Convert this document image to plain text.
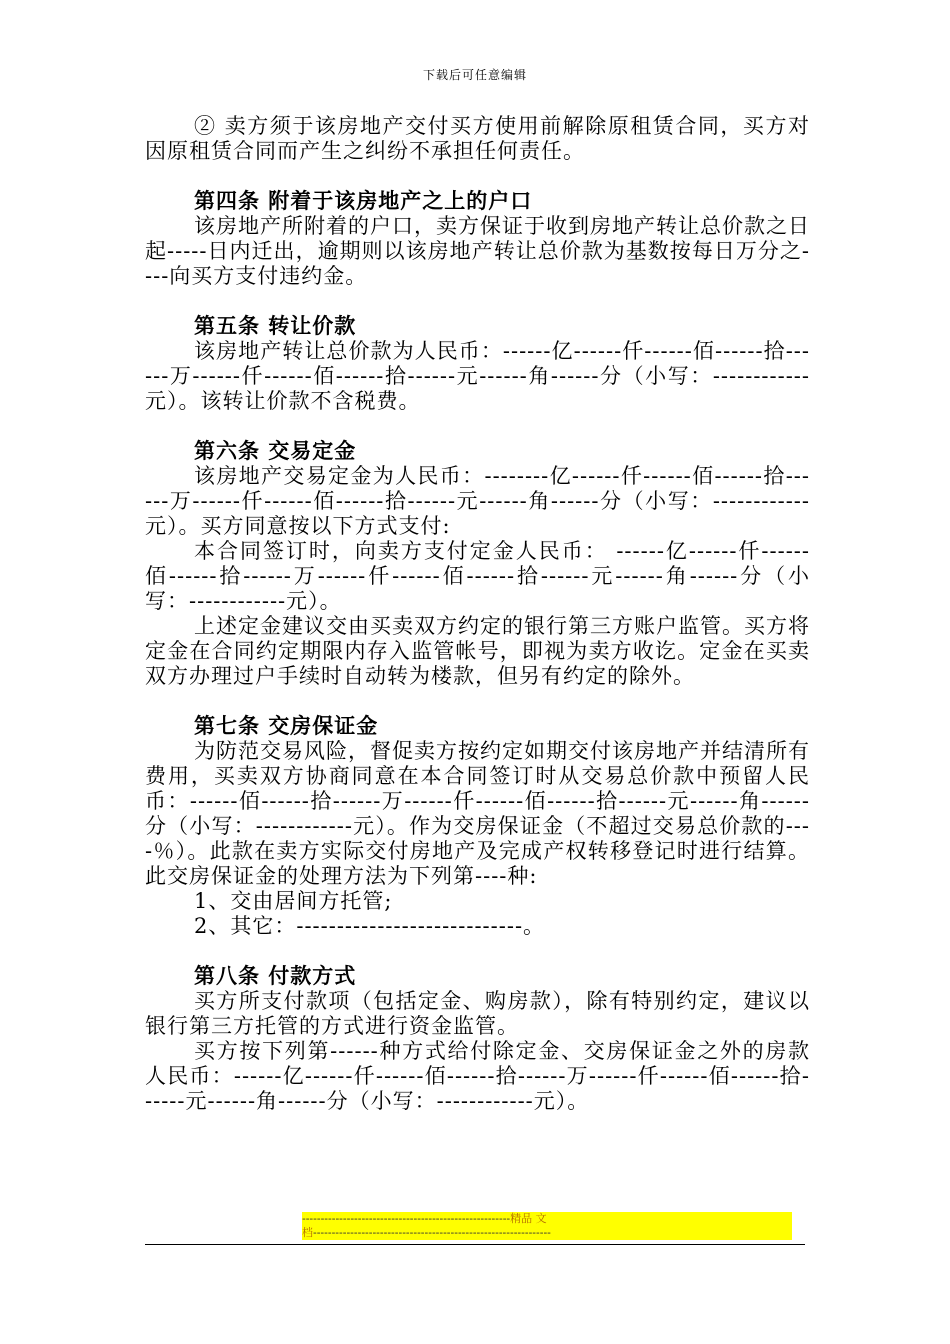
下载后可任意编辑

② 卖方须于该房地产交付买方使用前解除原租赁合同，买方对因原租赁合同而产生之纠纷不承担任何责任。

第四条 附着于该房地产之上的户口

该房地产所附着的户口，卖方保证于收到房地产转让总价款之日起-----日内迁出，逾期则以该房地产转让总价款为基数按每日万分之----向买方支付违约金。

第五条 转让价款

该房地产转让总价款为人民币：------亿------仟------佰------拾------万------仟------佰------拾------元------角------分（小写：------------元）。该转让价款不含税费。

第六条 交易定金

该房地产交易定金为人民币：--------亿------仟------佰------拾------万------仟------佰------拾------元------角------分（小写：------------元）。买方同意按以下方式支付:

本合同签订时，向卖方支付定金人民币： ------亿------仟------佰------拾------万------仟------佰------拾------元------角------分（小写：------------元）。

上述定金建议交由买卖双方约定的银行第三方账户监管。买方将定金在合同约定期限内存入监管帐号，即视为卖方收讫。定金在买卖双方办理过户手续时自动转为楼款，但另有约定的除外。

第七条 交房保证金

为防范交易风险，督促卖方按约定如期交付该房地产并结清所有费用，买卖双方协商同意在本合同签订时从交易总价款中预留人民币：------佰------拾------万------仟------佰------拾------元------角------分（小写：------------元）。作为交房保证金（不超过交易总价款的----％）。此款在卖方实际交付房地产及完成产权转移登记时进行结算。此交房保证金的处理方法为下列第----种:

1、交由居间方托管;

2、其它：----------------------------。

第八条 付款方式

买方所支付款项（包括定金、购房款），除有特别约定，建议以银行第三方托管的方式进行资金监管。

买方按下列第------种方式给付除定金、交房保证金之外的房款人民币：------亿------仟------佰------拾------万------仟------佰------拾------元------角------分（小写：------------元）。

--------------------------------------------------------精品 文
档----------------------------------------------------------------
